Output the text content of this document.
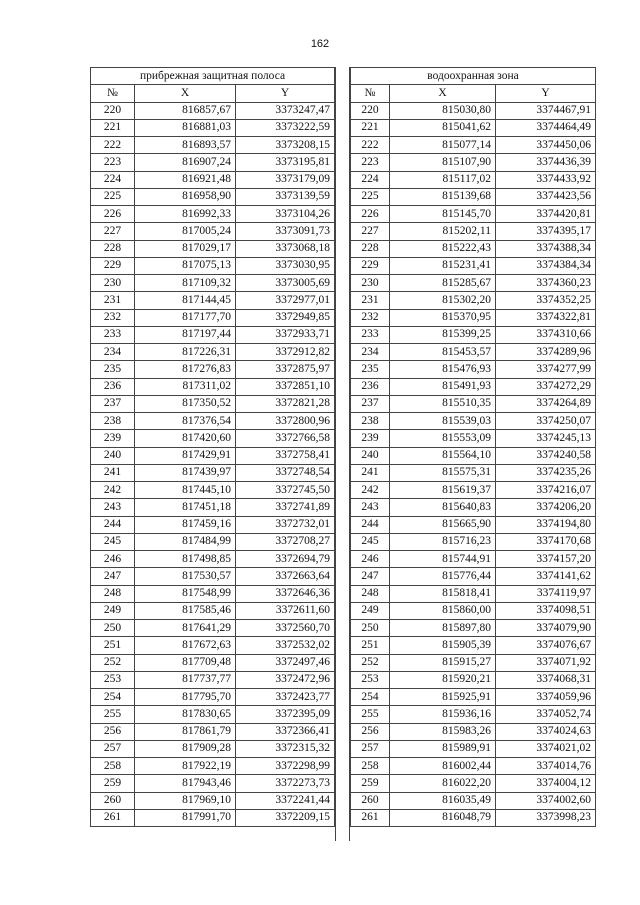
162
прибрежная защитная полоса		
№	X	Y
220	816857,67	3373247,47
221	816881,03	3373222,59
222	816893,57	3373208,15
223	816907,24	3373195,81
224	816921,48	3373179,09
225	816958,90	3373139,59
226	816992,33	3373104,26
227	817005,24	3373091,73
228	817029,17	3373068,18
229	817075,13	3373030,95
230	817109,32	3373005,69
231	817144,45	3372977,01
232	817177,70	3372949,85
233	817197,44	3372933,71
234	817226,31	3372912,82
235	817276,83	3372875,97
236	817311,02	3372851,10
237	817350,52	3372821,28
238	817376,54	3372800,96
239	817420,60	3372766,58
240	817429,91	3372758,41
241	817439,97	3372748,54
242	817445,10	3372745,50
243	817451,18	3372741,89
244	817459,16	3372732,01
245	817484,99	3372708,27
246	817498,85	3372694,79
247	817530,57	3372663,64
248	817548,99	3372646,36
249	817585,46	3372611,60
250	817641,29	3372560,70
251	817672,63	3372532,02
252	817709,48	3372497,46
253	817737,77	3372472,96
254	817795,70	3372423,77
255	817830,65	3372395,09
256	817861,79	3372366,41
257	817909,28	3372315,32
258	817922,19	3372298,99
259	817943,46	3372273,73
260	817969,10	3372241,44
261	817991,70	3372209,15
водоохранная зона		
№	X	Y
220	815030,80	3374467,91
221	815041,62	3374464,49
222	815077,14	3374450,06
223	815107,90	3374436,39
224	815117,02	3374433,92
225	815139,68	3374423,56
226	815145,70	3374420,81
227	815202,11	3374395,17
228	815222,43	3374388,34
229	815231,41	3374384,34
230	815285,67	3374360,23
231	815302,20	3374352,25
232	815370,95	3374322,81
233	815399,25	3374310,66
234	815453,57	3374289,96
235	815476,93	3374277,99
236	815491,93	3374272,29
237	815510,35	3374264,89
238	815539,03	3374250,07
239	815553,09	3374245,13
240	815564,10	3374240,58
241	815575,31	3374235,26
242	815619,37	3374216,07
243	815640,83	3374206,20
244	815665,90	3374194,80
245	815716,23	3374170,68
246	815744,91	3374157,20
247	815776,44	3374141,62
248	815818,41	3374119,97
249	815860,00	3374098,51
250	815897,80	3374079,90
251	815905,39	3374076,67
252	815915,27	3374071,92
253	815920,21	3374068,31
254	815925,91	3374059,96
255	815936,16	3374052,74
256	815983,26	3374024,63
257	815989,91	3374021,02
258	816002,44	3374014,76
259	816022,20	3374004,12
260	816035,49	3374002,60
261	816048,79	3373998,23
